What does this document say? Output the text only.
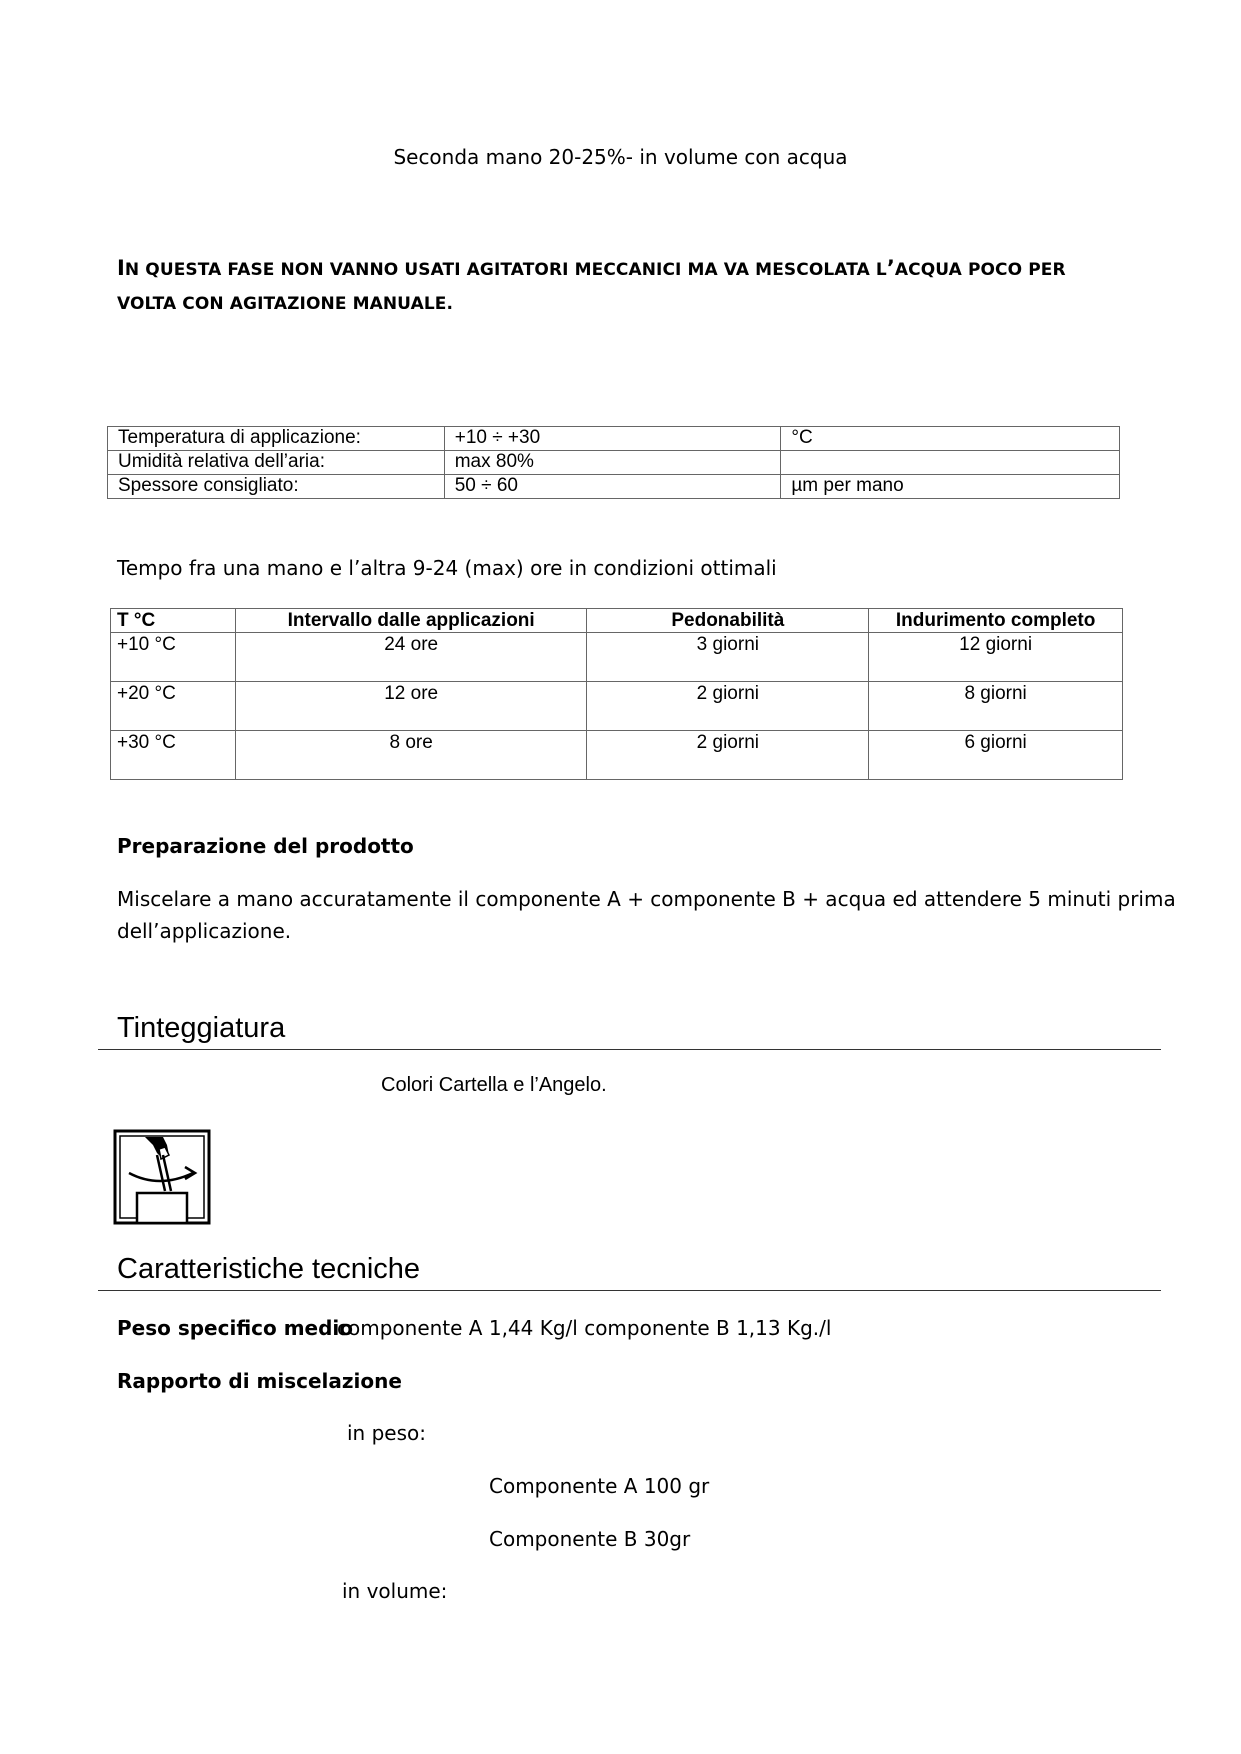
Seconda mano 20-25%- in volume con acqua
IN QUESTA FASE NON VANNO USATI AGITATORI MECCANICI MA VA MESCOLATA L’ACQUA POCO PER VOLTA CON AGITAZIONE MANUALE.
Temperatura di applicazione:	+10 ÷ +30	°C
Umidità relativa dell’aria:	max 80%	
Spessore consigliato:	50 ÷ 60	µm per mano
Tempo fra una mano e l’altra 9-24 (max) ore in condizioni ottimali
T °C	Intervallo dalle applicazioni	Pedonabilità	Indurimento completo
+10 °C	24 ore	3 giorni	12 giorni
+20 °C	12 ore	2 giorni	8 giorni
+30 °C	8 ore	2 giorni	6 giorni
Preparazione del prodotto
Miscelare a mano accuratamente il componente A + componente B + acqua ed attendere 5 minuti prima
dell’applicazione.
Tinteggiatura
Colori Cartella e l’Angelo.
Caratteristiche tecniche
Peso specifico medio
componente A 1,44 Kg/l componente B 1,13 Kg./l
Rapporto di miscelazione
in peso:
Componente A 100 gr
Componente B 30gr
in volume:
